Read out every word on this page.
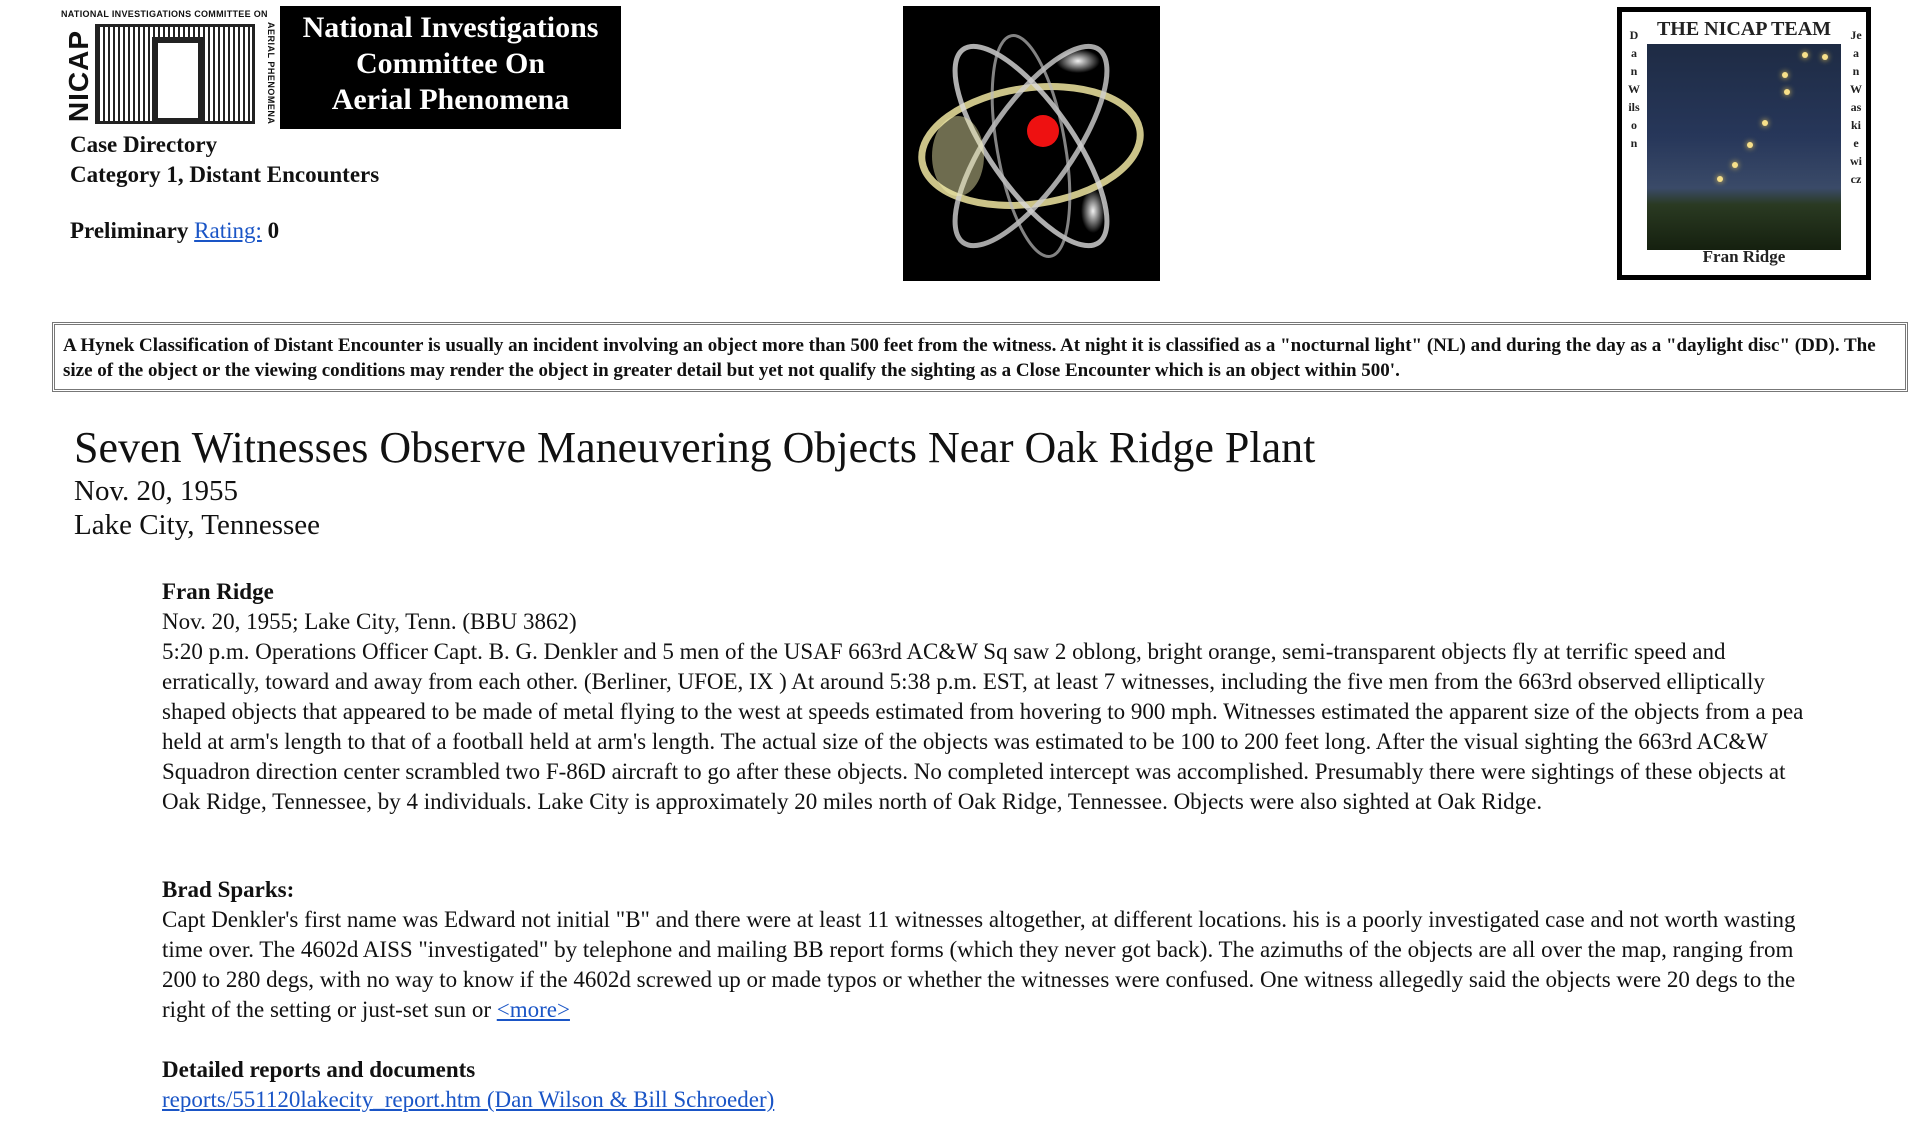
NATIONAL INVESTIGATIONS COMMITTEE ON
NICAP	AERIAL PHENOMENA National Investigations
Committee On
Aerial Phenomena
Case Directory
Category 1, Distant Encounters
Preliminary Rating: 0
THE NICAP TEAM
Dan Wilson
Jean Waskiewicz
Fran Ridge
A Hynek Classification of Distant Encounter is usually an incident involving an object more than 500 feet from the witness. At night it is classified as a "nocturnal light" (NL) and during the day as a "daylight disc" (DD). The size of the object or the viewing conditions may render the object in greater detail but yet not qualify the sighting as a Close Encounter which is an object within 500'.
Seven Witnesses Observe Maneuvering Objects Near Oak Ridge Plant
Nov. 20, 1955
Lake City, Tennessee
Fran Ridge
Nov. 20, 1955; Lake City, Tenn. (BBU 3862)
5:20 p.m. Operations Officer Capt. B. G. Denkler and 5 men of the USAF 663rd AC&W Sq saw 2 oblong, bright orange, semi-transparent objects fly at terrific speed and erratically, toward and away from each other. (Berliner, UFOE, IX ) At around 5:38 p.m. EST, at least 7 witnesses, including the five men from the 663rd observed elliptically shaped objects that appeared to be made of metal flying to the west at speeds estimated from hovering to 900 mph. Witnesses estimated the apparent size of the objects from a pea held at arm's length to that of a football held at arm's length. The actual size of the objects was estimated to be 100 to 200 feet long. After the visual sighting the 663rd AC&W Squadron direction center scrambled two F-86D aircraft to go after these objects. No completed intercept was accomplished. Presumably there were sightings of these objects at Oak Ridge, Tennessee, by 4 individuals. Lake City is approximately 20 miles north of Oak Ridge, Tennessee. Objects were also sighted at Oak Ridge.
Brad Sparks:
Capt Denkler's first name was Edward not initial "B" and there were at least 11 witnesses altogether, at different locations. his is a poorly investigated case and not worth wasting time over. The 4602d AISS "investigated" by telephone and mailing BB report forms (which they never got back). The azimuths of the objects are all over the map, ranging from 200 to 280 degs, with no way to know if the 4602d screwed up or made typos or whether the witnesses were confused. One witness allegedly said the objects were 20 degs to the right of the setting or just-set sun or <more>
Detailed reports and documents
reports/551120lakecity_report.htm (Dan Wilson & Bill Schroeder)
